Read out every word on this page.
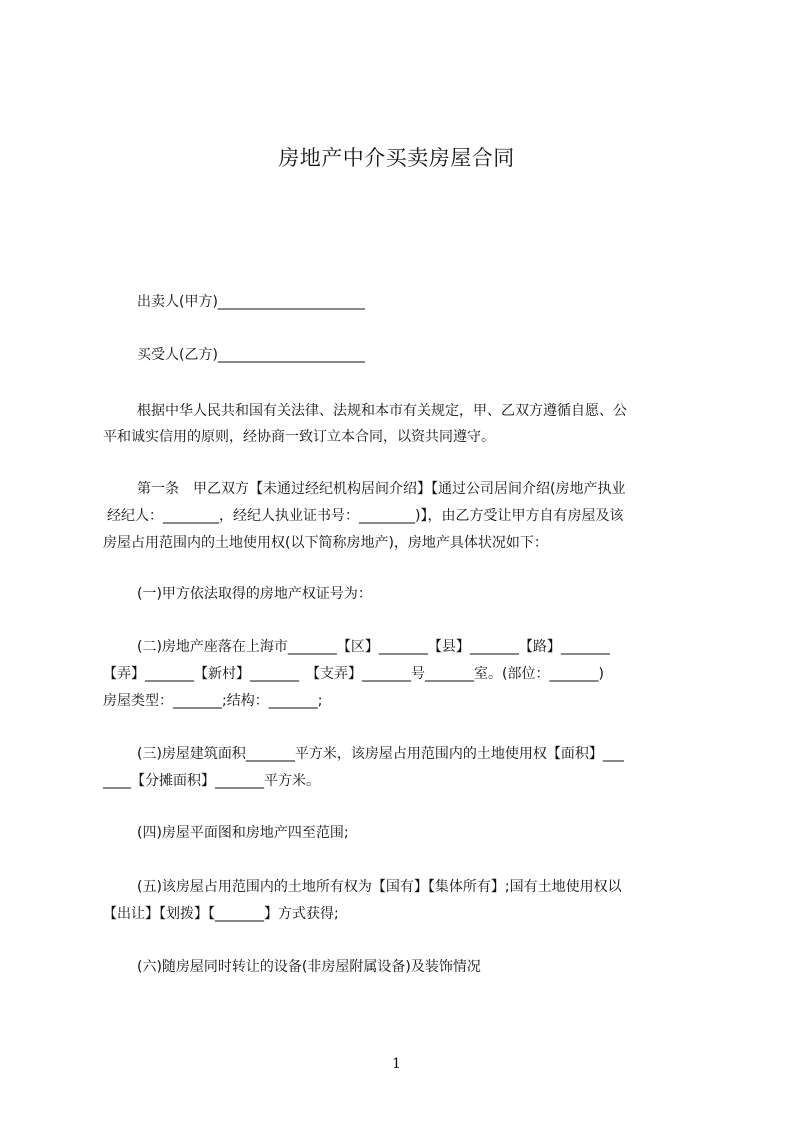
房地产中介买卖房屋合同
出卖人(甲方)_____________________
买受人(乙方)_____________________
根据中华人民共和国有关法律、法规和本市有关规定，甲、乙双方遵循自愿、公
平和诚实信用的原则，经协商一致订立本合同，以资共同遵守。
第一条　甲乙双方【未通过经纪机构居间介绍】【通过公司居间介绍(房地产执业
经纪人：________，经纪人执业证书号：________)】，由乙方受让甲方自有房屋及该
房屋占用范围内的土地使用权(以下简称房地产)，房地产具体状况如下：
(一)甲方依法取得的房地产权证号为：
(二)房地产座落在上海市_______【区】_______【县】_______【路】_______
【弄】_______【新村】_______　【支弄】_______号_______室。(部位：_______)
房屋类型：_______;结构：_______;
(三)房屋建筑面积_______平方米，该房屋占用范围内的土地使用权【面积】___
____【分摊面积】_______平方米。
(四)房屋平面图和房地产四至范围;
(五)该房屋占用范围内的土地所有权为【国有】【集体所有】;国有土地使用权以
【出让】【划拨】【_______】方式获得;
(六)随房屋同时转让的设备(非房屋附属设备)及装饰情况
1
